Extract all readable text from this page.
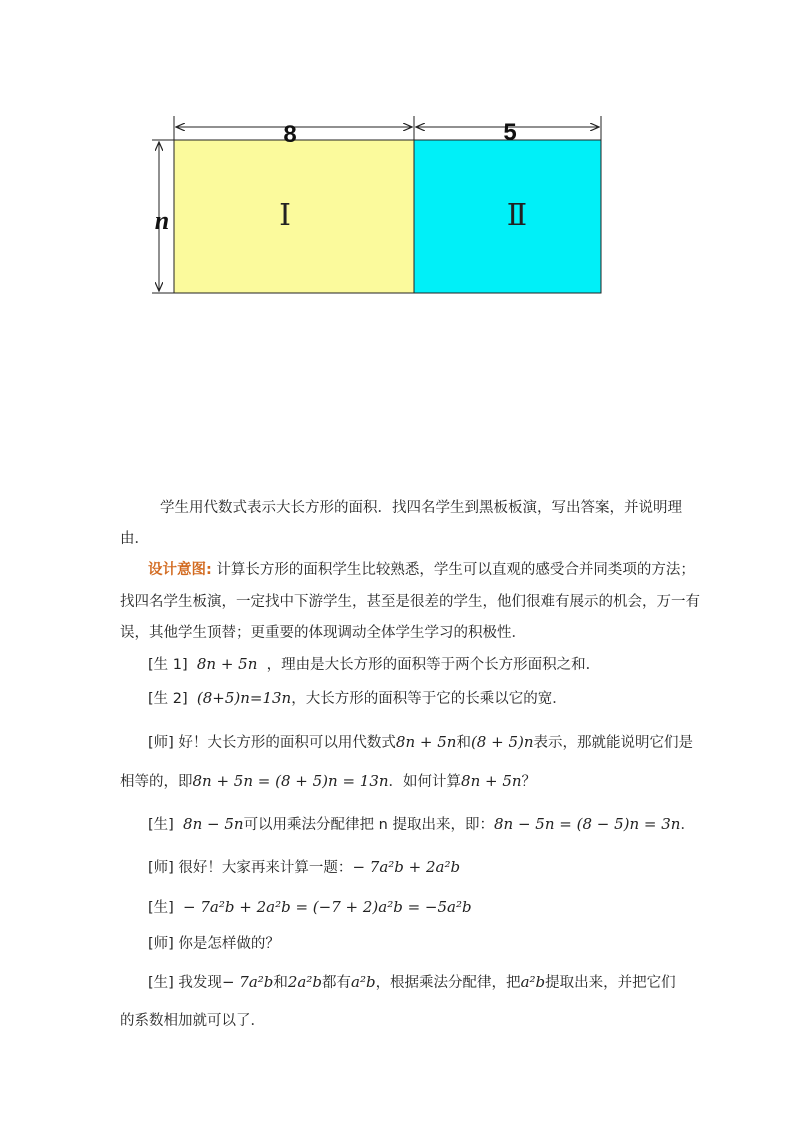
8	5
n	Ⅰ	Ⅱ
学生用代数式表示大长方形的面积．找四名学生到黑板板演，写出答案，并说明理
由．
设计意图: 计算长方形的面积学生比较熟悉，学生可以直观的感受合并同类项的方法；
找四名学生板演，一定找中下游学生，甚至是很差的学生，他们很难有展示的机会，万一有
误，其他学生顶替；更重要的体现调动全体学生学习的积极性．
[生 1] 8n + 5n ，理由是大长方形的面积等于两个长方形面积之和．
[生 2] (8+5)n=13n，大长方形的面积等于它的长乘以它的宽．
[师] 好！大长方形的面积可以用代数式8n + 5n和(8 + 5)n表示，那就能说明它们是
相等的，即8n + 5n = (8 + 5)n = 13n．如何计算8n + 5n？
[生] 8n − 5n可以用乘法分配律把 n 提取出来，即：8n − 5n = (8 − 5)n = 3n．
[师] 很好！大家再来计算一题：− 7a²b + 2a²b
[生] − 7a²b + 2a²b = (−7 + 2)a²b = −5a²b
[师] 你是怎样做的？
[生] 我发现− 7a²b和2a²b都有a²b，根据乘法分配律，把a²b提取出来，并把它们
的系数相加就可以了．
